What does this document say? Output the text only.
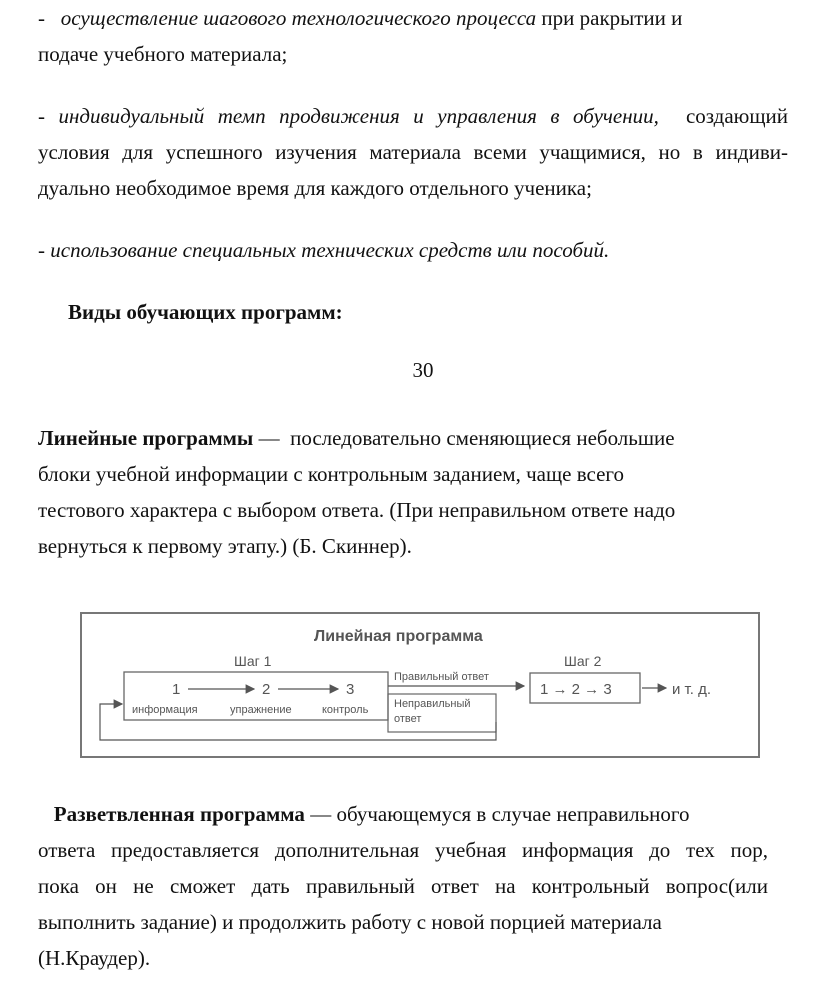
- осуществление шагового технологического процесса при ракрытии и
подаче учебного материала;
- индивидуальный темп продвижения и управления в обучении, создающий
условия для успешного изучения материала всеми учащимися, но в индиви-
дуально необходимое время для каждого отдельного ученика;
- использование специальных технических средств или пособий.
Виды обучающих программ:
30
Линейные программы — последовательно сменяющиеся небольшие
блоки учебной информации с контрольным заданием, чаще всего
тестового характера с выбором ответа. (При неправильном ответе надо
вернуться к первому этапу.) (Б. Скиннер).
Линейная программа
Шаг 1
1	2	3
информация	упражнение	контроль
Правильный ответ
Неправильный
ответ
Шаг 2
1 → 2 → 3	и т. д.
Разветвленная программа — обучающемуся в случае неправильного
ответа предоставляется дополнительная учебная информация до тех пор,
пока он не сможет дать правильный ответ на контрольный вопрос(или
выполнить задание) и продолжить работу с новой порцией материала
(Н.Краудер).
